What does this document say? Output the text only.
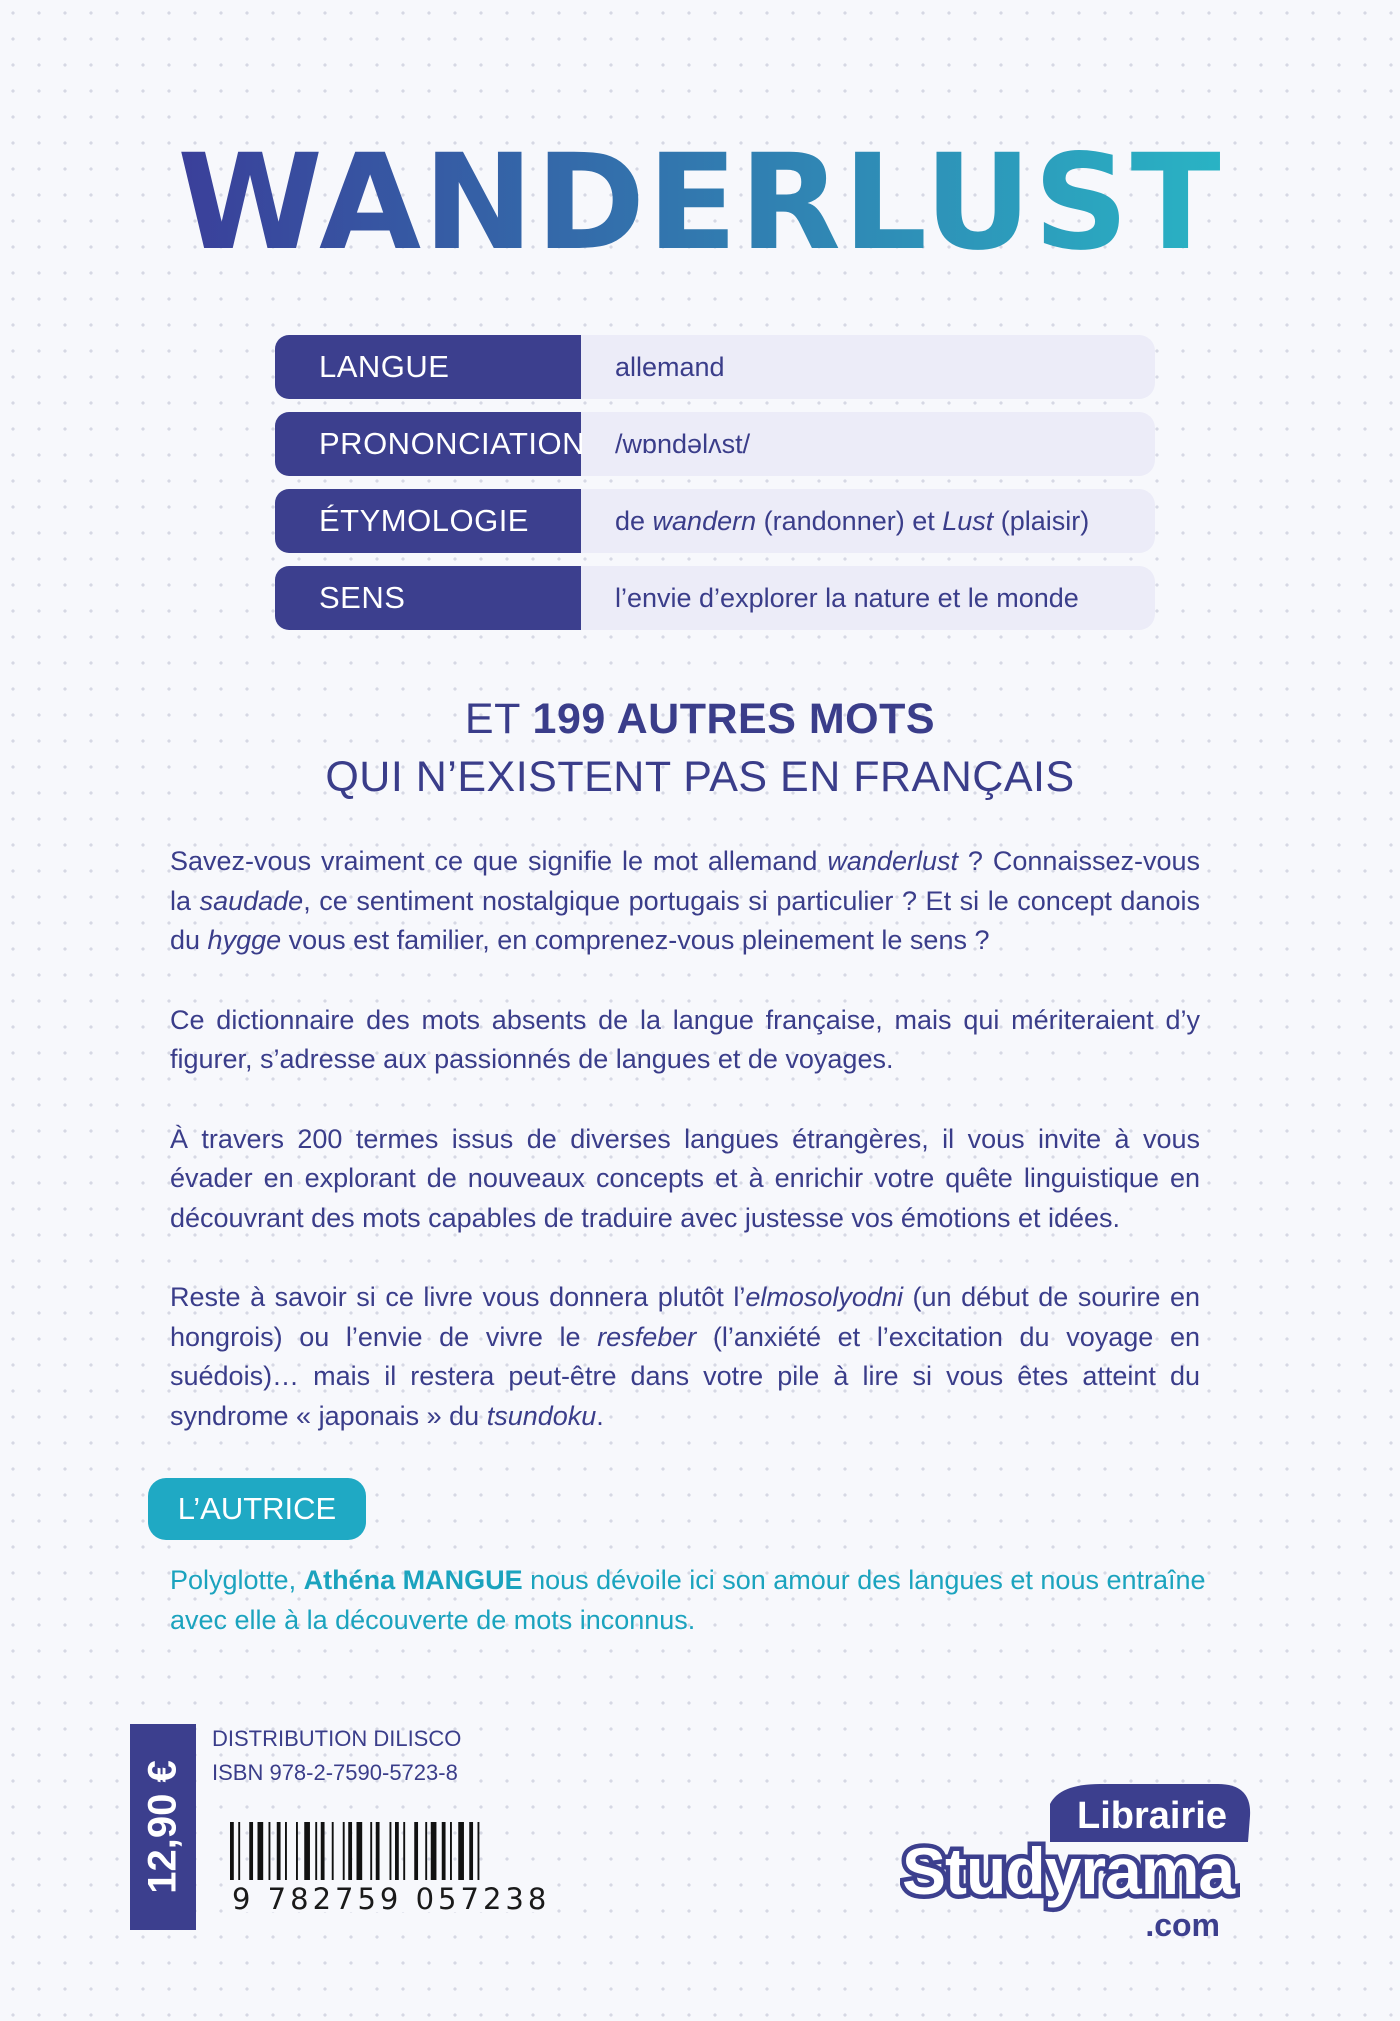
WANDERLUST
LANGUE	allemand
PRONONCIATION /wɒndəlʌst/
ÉTYMOLOGIE	de wandern (randonner) et Lust (plaisir)
SENS	l’envie d’explorer la nature et le monde
ET 199 AUTRES MOTS
QUI N’EXISTENT PAS EN FRANÇAIS

Savez-vous vraiment ce que signifie le mot allemand wanderlust ? Connaissez-vous la saudade, ce sentiment nostalgique portugais si particulier ? Et si le concept danois du hygge vous est familier, en comprenez-vous pleinement le sens ?

Ce dictionnaire des mots absents de la langue française, mais qui mériteraient d’y figurer, s’adresse aux passionnés de langues et de voyages.

À travers 200 termes issus de diverses langues étrangères, il vous invite à vous évader en explorant de nouveaux concepts et à enrichir votre quête linguistique en découvrant des mots capables de traduire avec justesse vos émotions et idées.

Reste à savoir si ce livre vous donnera plutôt l’elmosolyodni (un début de sourire en hongrois) ou l’envie de vivre le resfeber (l’anxiété et l’excitation du voyage en suédois)… mais il restera peut-être dans votre pile à lire si vous êtes atteint du syndrome « japonais » du tsundoku.

L’AUTRICE
Polyglotte, Athéna MANGUE nous dévoile ici son amour des langues et nous entraîne avec elle à la découverte de mots inconnus.
12,90 €
DISTRIBUTION DILISCO
ISBN 978-2-7590-5723-8
9 782759 057238
Librairie
Studyrama
.com
